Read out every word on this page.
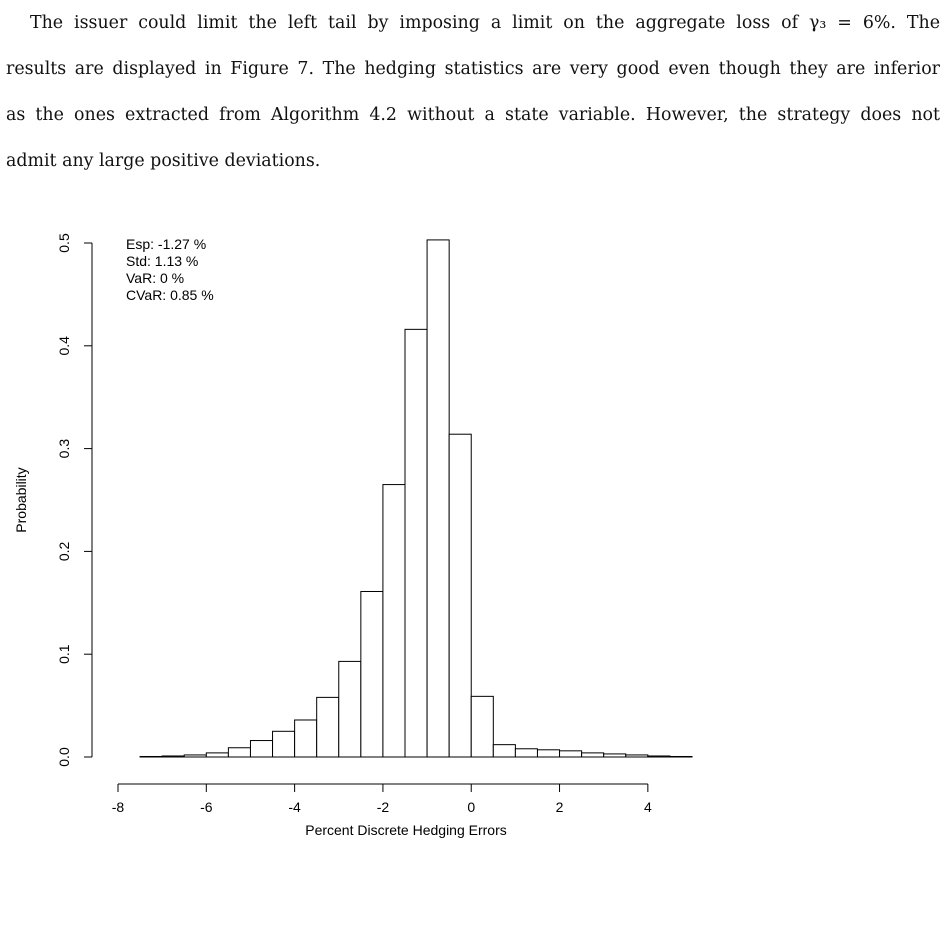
The issuer could limit the left tail by imposing a limit on the aggregate loss of γ₃ = 6%. The

results are displayed in Figure 7. The hedging statistics are very good even though they are inferior

as the ones extracted from Algorithm 4.2 without a state variable. However, the strategy does not

admit any large positive deviations.

0.0
0.1
0.2
0.3
0.4
0.5
-8	-6	-4	-2	0	2	4
Esp: -1.27 %
Std: 1.13 %
VaR: 0 %
CVaR: 0.85 %
Percent Discrete Hedging Errors
Probability
